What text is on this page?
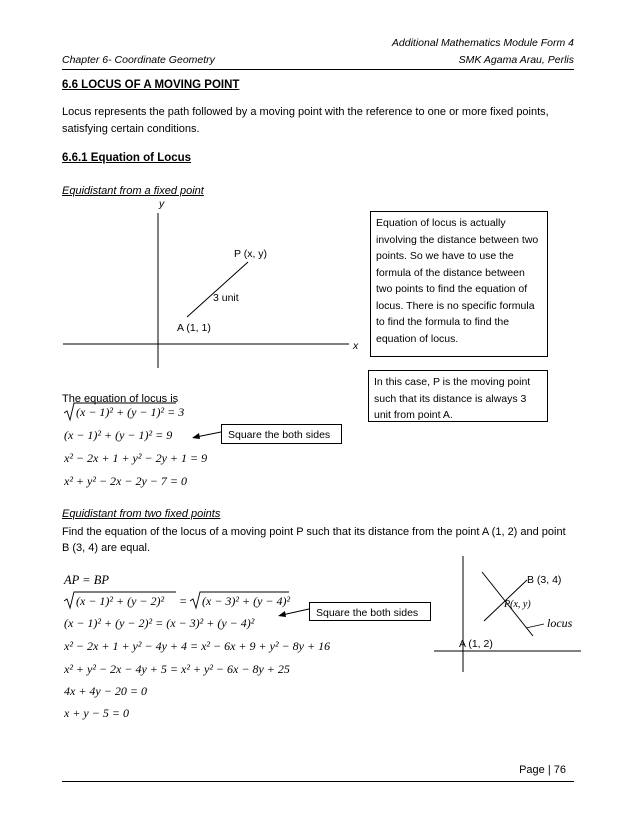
Additional Mathematics Module Form 4
Chapter 6- Coordinate Geometry	SMK Agama Arau, Perlis
6.6 LOCUS OF A MOVING POINT
Locus represents the path followed by a moving point with the reference to one or more fixed points,
satisfying certain conditions.
6.6.1 Equation of Locus
Equidistant from a fixed point
y
x
P (x, y)
3 unit
A (1, 1)
Equation of locus is actually involving the distance between two points. So we have to use the formula of the distance between two points to find the equation of locus. There is no specific formula to find the formula to find the equation of locus.
In this case, P is the moving point such that its distance is always 3 unit from point A.
The equation of locus is
(x − 1)² + (y − 1)² = 3
(x − 1)² + (y − 1)² = 9
x² − 2x + 1 + y² − 2y + 1 = 9
x² + y² − 2x − 2y − 7 = 0
Square the both sides
Equidistant from two fixed points
Find the equation of the locus of a moving point P such that its distance from the point A (1, 2) and point
B (3, 4) are equal.
AP = BP
(x − 1)² + (y − 2)² = (x − 3)² + (y − 4)²
(x − 1)² + (y − 2)² = (x − 3)² + (y − 4)²
x² − 2x + 1 + y² − 4y + 4 = x² − 6x + 9 + y² − 8y + 16
x² + y² − 2x − 4y + 5 = x² + y² − 6x − 8y + 25
4x + 4y − 20 = 0
x + y − 5 = 0
Square the both sides
B (3, 4)
P(x, y)
locus
A (1, 2)
Page | 76
